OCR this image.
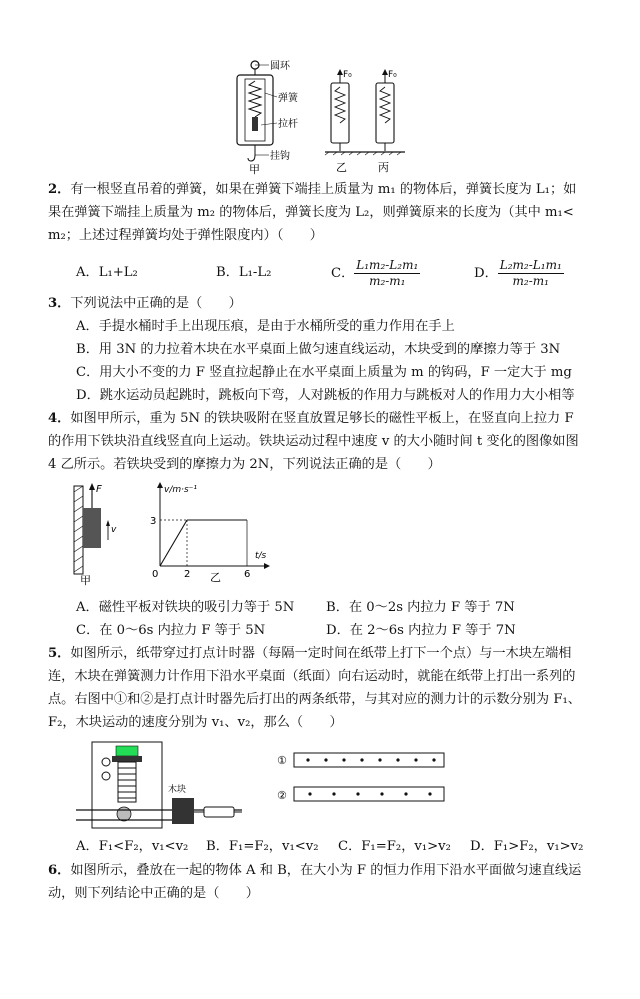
圆环
弹簧
拉杆
挂钩
甲
F₀
乙
F₀
丙
2．有一根竖直吊着的弹簧，如果在弹簧下端挂上质量为 m₁ 的物体后，弹簧长度为 L₁；如
果在弹簧下端挂上质量为 m₂ 的物体后，弹簧长度为 L₂，则弹簧原来的长度为（其中 m₁<
m₂；上述过程弹簧均处于弹性限度内）（　　）
A．L₁+L₂	B．L₁-L₂	C． $\frac{\text{L₁m₂-L₂m₁}}{\text{m₂-m₁}}$	D． $\frac{\text{L₂m₂-L₁m₁}}{\text{m₂-m₁}}$
3．下列说法中正确的是（　　）
A．手提水桶时手上出现压痕，是由于水桶所受的重力作用在手上
B．用 3N 的力拉着木块在水平桌面上做匀速直线运动，木块受到的摩擦力等于 3N
C．用大小不变的力 F 竖直拉起静止在水平桌面上质量为 m 的钩码，F 一定大于 mg
D．跳水运动员起跳时，跳板向下弯，人对跳板的作用力与跳板对人的作用力大小相等
4．如图甲所示，重为 5N 的铁块吸附在竖直放置足够长的磁性平板上，在竖直向上拉力 F
的作用下铁块沿直线竖直向上运动。铁块运动过程中速度 v 的大小随时间 t 变化的图像如图
4 乙所示。若铁块受到的摩擦力为 2N，下列说法正确的是（　　）
F
v
甲
v/m·s⁻¹
t/s
3
0	2	6
乙
A．磁性平板对铁块的吸引力等于 5N B．在 0～2s 内拉力 F 等于 7N
C．在 0～6s 内拉力 F 等于 5N	D．在 2～6s 内拉力 F 等于 7N
5．如图所示，纸带穿过打点计时器（每隔一定时间在纸带上打下一个点）与一木块左端相
连，木块在弹簧测力计作用下沿水平桌面（纸面）向右运动时，就能在纸带上打出一系列的
点。右图中①和②是打点计时器先后打出的两条纸带，与其对应的测力计的示数分别为 F₁、
F₂，木块运动的速度分别为 v₁、v₂，那么（　　）
木块
①
②
A．F₁<F₂，v₁<v₂ B．F₁=F₂，v₁<v₂ C．F₁=F₂，v₁>v₂ D．F₁>F₂，v₁>v₂
6．如图所示，叠放在一起的物体 A 和 B，在大小为 F 的恒力作用下沿水平面做匀速直线运
动，则下列结论中正确的是（　　）
